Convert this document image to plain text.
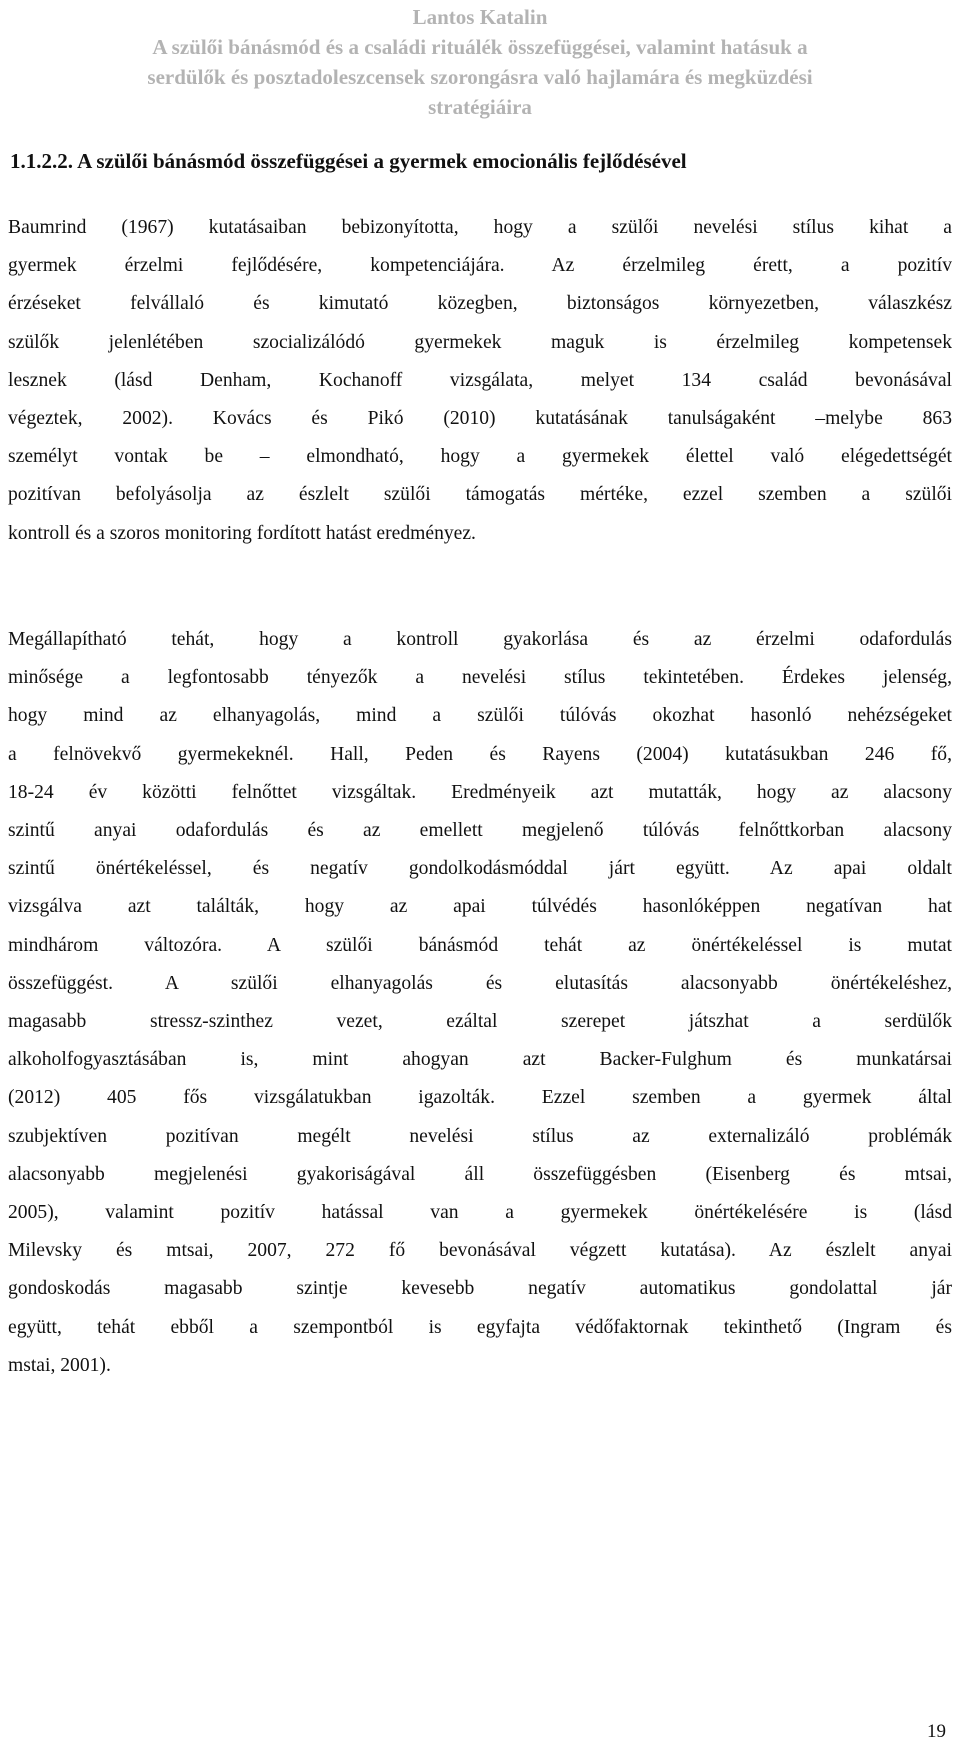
Lantos Katalin
A szülői bánásmód és a családi rituálék összefüggései, valamint hatásuk a
serdülők és posztadoleszcensek szorongásra való hajlamára és megküzdési
stratégiáira
1.1.2.2. A szülői bánásmód összefüggései a gyermek emocionális fejlődésével
Baumrind (1967) kutatásaiban bebizonyította, hogy a szülői nevelési stílus kihat a
gyermek érzelmi fejlődésére, kompetenciájára. Az érzelmileg érett, a pozitív
érzéseket felvállaló és kimutató közegben, biztonságos környezetben, válaszkész
szülők jelenlétében szocializálódó gyermekek maguk is érzelmileg kompetensek
lesznek (lásd Denham, Kochanoff vizsgálata, melyet 134 család bevonásával
végeztek, 2002). Kovács és Pikó (2010) kutatásának tanulságaként –melybe 863
személyt vontak be – elmondható, hogy a gyermekek élettel való elégedettségét
pozitívan befolyásolja az észlelt szülői támogatás mértéke, ezzel szemben a szülői
kontroll és a szoros monitoring fordított hatást eredményez.
Megállapítható tehát, hogy a kontroll gyakorlása és az érzelmi odafordulás
minősége a legfontosabb tényezők a nevelési stílus tekintetében. Érdekes jelenség,
hogy mind az elhanyagolás, mind a szülői túlóvás okozhat hasonló nehézségeket
a felnövekvő gyermekeknél. Hall, Peden és Rayens (2004) kutatásukban 246 fő,
18-24 év közötti felnőttet vizsgáltak. Eredményeik azt mutatták, hogy az alacsony
szintű anyai odafordulás és az emellett megjelenő túlóvás felnőttkorban alacsony
szintű önértékeléssel, és negatív gondolkodásmóddal járt együtt. Az apai oldalt
vizsgálva azt találták, hogy az apai túlvédés hasonlóképpen negatívan hat
mindhárom változóra. A szülői bánásmód tehát az önértékeléssel is mutat
összefüggést. A szülői elhanyagolás és elutasítás alacsonyabb önértékeléshez,
magasabb stressz-szinthez vezet, ezáltal szerepet játszhat a serdülők
alkoholfogyasztásában is, mint ahogyan azt Backer-Fulghum és munkatársai
(2012) 405 fős vizsgálatukban igazolták. Ezzel szemben a gyermek által
szubjektíven pozitívan megélt nevelési stílus az externalizáló problémák
alacsonyabb megjelenési gyakoriságával áll összefüggésben (Eisenberg és mtsai,
2005), valamint pozitív hatással van a gyermekek önértékelésére is (lásd
Milevsky és mtsai, 2007, 272 fő bevonásával végzett kutatása). Az észlelt anyai
gondoskodás magasabb szintje kevesebb negatív automatikus gondolattal jár
együtt, tehát ebből a szempontból is egyfajta védőfaktornak tekinthető (Ingram és
mstai, 2001).
19
